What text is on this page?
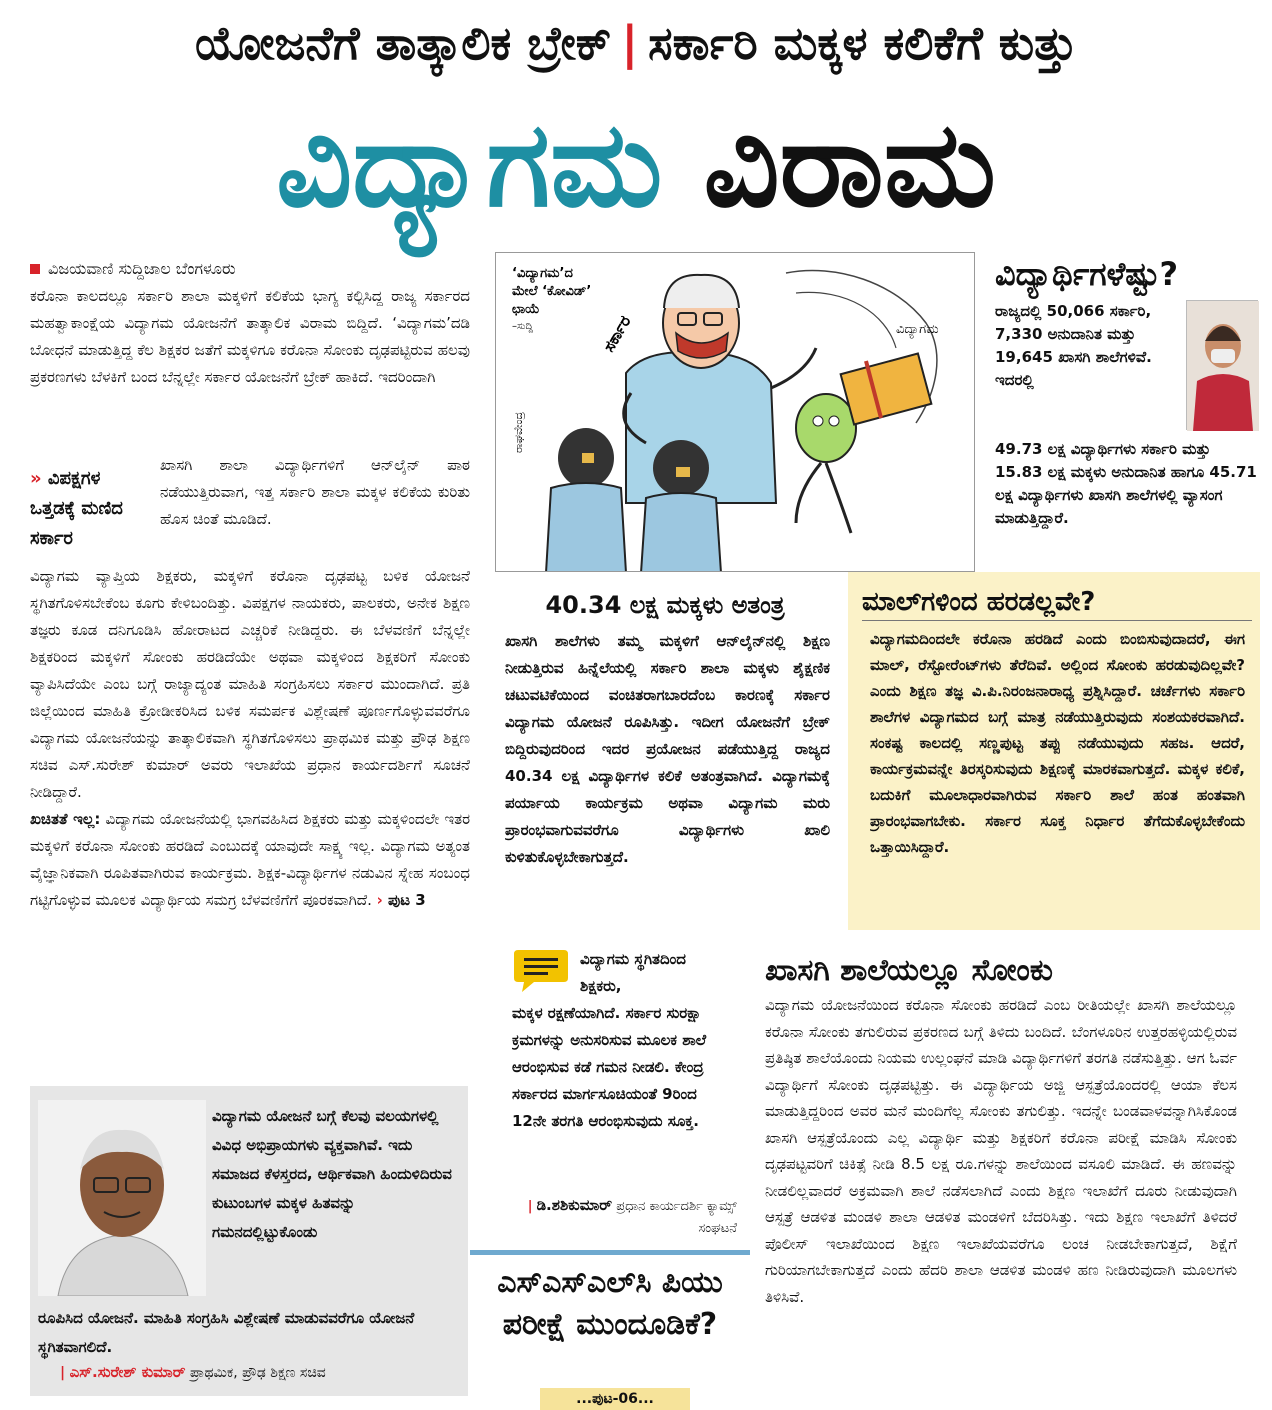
ಯೋಜನೆಗೆ ತಾತ್ಕಾಲಿಕ ಬ್ರೇಕ್ | ಸರ್ಕಾರಿ ಮಕ್ಕಳ ಕಲಿಕೆಗೆ ಕುತ್ತು
ವಿದ್ಯಾಗಮ ವಿರಾಮ
ವಿಜಯವಾಣಿ ಸುದ್ದಿಜಾಲ ಬೆಂಗಳೂರು
ಕರೊನಾ ಕಾಲದಲ್ಲೂ ಸರ್ಕಾರಿ ಶಾಲಾ ಮಕ್ಕಳಿಗೆ ಕಲಿಕೆಯ ಭಾಗ್ಯ ಕಲ್ಪಿಸಿದ್ದ ರಾಜ್ಯ ಸರ್ಕಾರದ ಮಹತ್ವಾಕಾಂಕ್ಷೆಯ ವಿದ್ಯಾಗಮ ಯೋಜನೆಗೆ ತಾತ್ಕಾಲಿಕ ವಿರಾಮ ಬಿದ್ದಿದೆ. ‘ವಿದ್ಯಾಗಮ’ದಡಿ ಬೋಧನೆ ಮಾಡುತ್ತಿದ್ದ ಕೆಲ ಶಿಕ್ಷಕರ ಜತೆಗೆ ಮಕ್ಕಳಿಗೂ ಕರೊನಾ ಸೋಂಕು ದೃಢಪಟ್ಟಿರುವ ಹಲವು ಪ್ರಕರಣಗಳು ಬೆಳಕಿಗೆ ಬಂದ ಬೆನ್ನಲ್ಲೇ ಸರ್ಕಾರ ಯೋಜನೆಗೆ ಬ್ರೇಕ್ ಹಾಕಿದೆ. ಇದರಿಂದಾಗಿ
» ವಿಪಕ್ಷಗಳ ಒತ್ತಡಕ್ಕೆ ಮಣಿದ ಸರ್ಕಾರ
ಖಾಸಗಿ ಶಾಲಾ ವಿದ್ಯಾರ್ಥಿಗಳಿಗೆ ಆನ್‌ಲೈನ್ ಪಾಠ ನಡೆಯುತ್ತಿರುವಾಗ, ಇತ್ತ ಸರ್ಕಾರಿ ಶಾಲಾ ಮಕ್ಕಳ ಕಲಿಕೆಯ ಕುರಿತು ಹೊಸ ಚಿಂತೆ ಮೂಡಿದೆ.
ವಿದ್ಯಾಗಮ ವ್ಯಾಪ್ತಿಯ ಶಿಕ್ಷಕರು, ಮಕ್ಕಳಿಗೆ ಕರೊನಾ ದೃಢಪಟ್ಟ ಬಳಿಕ ಯೋಜನೆ ಸ್ಥಗಿತಗೊಳಿಸಬೇಕೆಂಬ ಕೂಗು ಕೇಳಿಬಂದಿತ್ತು. ವಿಪಕ್ಷಗಳ ನಾಯಕರು, ಪಾಲಕರು, ಅನೇಕ ಶಿಕ್ಷಣ ತಜ್ಞರು ಕೂಡ ದನಿಗೂಡಿಸಿ ಹೋರಾಟದ ಎಚ್ಚರಿಕೆ ನೀಡಿದ್ದರು. ಈ ಬೆಳವಣಿಗೆ ಬೆನ್ನಲ್ಲೇ ಶಿಕ್ಷಕರಿಂದ ಮಕ್ಕಳಿಗೆ ಸೋಂಕು ಹರಡಿದೆಯೇ ಅಥವಾ ಮಕ್ಕಳಿಂದ ಶಿಕ್ಷಕರಿಗೆ ಸೋಂಕು ವ್ಯಾಪಿಸಿದೆಯೇ ಎಂಬ ಬಗ್ಗೆ ರಾಜ್ಯಾದ್ಯಂತ ಮಾಹಿತಿ ಸಂಗ್ರಹಿಸಲು ಸರ್ಕಾರ ಮುಂದಾಗಿದೆ. ಪ್ರತಿ ಜಿಲ್ಲೆಯಿಂದ ಮಾಹಿತಿ ಕ್ರೋಡೀಕರಿಸಿದ ಬಳಿಕ ಸಮರ್ಪಕ ವಿಶ್ಲೇಷಣೆ ಪೂರ್ಣಗೊಳ್ಳುವವರೆಗೂ ವಿದ್ಯಾಗಮ ಯೋಜನೆಯನ್ನು ತಾತ್ಕಾಲಿಕವಾಗಿ ಸ್ಥಗಿತಗೊಳಿಸಲು ಪ್ರಾಥಮಿಕ ಮತ್ತು ಪ್ರೌಢ ಶಿಕ್ಷಣ ಸಚಿವ ಎಸ್.ಸುರೇಶ್ ಕುಮಾರ್ ಅವರು ಇಲಾಖೆಯ ಪ್ರಧಾನ ಕಾರ್ಯದರ್ಶಿಗೆ ಸೂಚನೆ ನೀಡಿದ್ದಾರೆ.
ಖಚಿತತೆ ಇಲ್ಲ: ವಿದ್ಯಾಗಮ ಯೋಜನೆಯಲ್ಲಿ ಭಾಗವಹಿಸಿದ ಶಿಕ್ಷಕರು ಮತ್ತು ಮಕ್ಕಳಿಂದಲೇ ಇತರ ಮಕ್ಕಳಿಗೆ ಕರೊನಾ ಸೋಂಕು ಹರಡಿದೆ ಎಂಬುದಕ್ಕೆ ಯಾವುದೇ ಸಾಕ್ಷ್ಯ ಇಲ್ಲ. ವಿದ್ಯಾಗಮ ಅತ್ಯಂತ ವೈಜ್ಞಾನಿಕವಾಗಿ ರೂಪಿತವಾಗಿರುವ ಕಾರ್ಯಕ್ರಮ. ಶಿಕ್ಷಕ-ವಿದ್ಯಾರ್ಥಿಗಳ ನಡುವಿನ ಸ್ನೇಹ ಸಂಬಂಧ ಗಟ್ಟಿಗೊಳ್ಳುವ ಮೂಲಕ ವಿದ್ಯಾರ್ಥಿಯ ಸಮಗ್ರ ಬೆಳವಣಿಗೆಗೆ ಪೂರಕವಾಗಿದೆ. › ಪುಟ 3
‘ವಿದ್ಯಾಗಮ’ದ
ಮೇಲೆ ‘ಕೋವಿಡ್’
ಛಾಯೆ
–ಸುದ್ದಿ	ಸರ್ಕಾರ	ವಿದ್ಯಾಗಮ
ರಾಘವೇಂದ್ರ
ವಿದ್ಯಾರ್ಥಿಗಳೆಷ್ಟು?
ರಾಜ್ಯದಲ್ಲಿ 50,066 ಸರ್ಕಾರಿ, 7,330 ಅನುದಾನಿತ ಮತ್ತು 19,645 ಖಾಸಗಿ ಶಾಲೆಗಳಿವೆ. ಇದರಲ್ಲಿ
49.73 ಲಕ್ಷ ವಿದ್ಯಾರ್ಥಿಗಳು ಸರ್ಕಾರಿ ಮತ್ತು 15.83 ಲಕ್ಷ ಮಕ್ಕಳು ಅನುದಾನಿತ ಹಾಗೂ 45.71 ಲಕ್ಷ ವಿದ್ಯಾರ್ಥಿಗಳು ಖಾಸಗಿ ಶಾಲೆಗಳಲ್ಲಿ ವ್ಯಾಸಂಗ ಮಾಡುತ್ತಿದ್ದಾರೆ.
40.34 ಲಕ್ಷ ಮಕ್ಕಳು ಅತಂತ್ರ
ಖಾಸಗಿ ಶಾಲೆಗಳು ತಮ್ಮ ಮಕ್ಕಳಿಗೆ ಆನ್‌ಲೈನ್‌ನಲ್ಲಿ ಶಿಕ್ಷಣ ನೀಡುತ್ತಿರುವ ಹಿನ್ನೆಲೆಯಲ್ಲಿ ಸರ್ಕಾರಿ ಶಾಲಾ ಮಕ್ಕಳು ಶೈಕ್ಷಣಿಕ ಚಟುವಟಿಕೆಯಿಂದ ವಂಚಿತರಾಗಬಾರದೆಂಬ ಕಾರಣಕ್ಕೆ ಸರ್ಕಾರ ವಿದ್ಯಾಗಮ ಯೋಜನೆ ರೂಪಿಸಿತ್ತು. ಇದೀಗ ಯೋಜನೆಗೆ ಬ್ರೇಕ್ ಬಿದ್ದಿರುವುದರಿಂದ ಇದರ ಪ್ರಯೋಜನ ಪಡೆಯುತ್ತಿದ್ದ ರಾಜ್ಯದ 40.34 ಲಕ್ಷ ವಿದ್ಯಾರ್ಥಿಗಳ ಕಲಿಕೆ ಅತಂತ್ರವಾಗಿದೆ. ವಿದ್ಯಾಗಮಕ್ಕೆ ಪರ್ಯಾಯ ಕಾರ್ಯಕ್ರಮ ಅಥವಾ ವಿದ್ಯಾಗಮ ಮರು ಪ್ರಾರಂಭವಾಗುವವರೆಗೂ ವಿದ್ಯಾರ್ಥಿಗಳು ಖಾಲಿ ಕುಳಿತುಕೊಳ್ಳಬೇಕಾಗುತ್ತದೆ.
ಮಾಲ್‌ಗಳಿಂದ ಹರಡಲ್ಲವೇ?
ವಿದ್ಯಾಗಮದಿಂದಲೇ ಕರೊನಾ ಹರಡಿದೆ ಎಂದು ಬಿಂಬಿಸುವುದಾದರೆ, ಈಗ ಮಾಲ್, ರೆಸ್ಟೋರೆಂಟ್‌ಗಳು ತೆರೆದಿವೆ. ಅಲ್ಲಿಂದ ಸೋಂಕು ಹರಡುವುದಿಲ್ಲವೇ? ಎಂದು ಶಿಕ್ಷಣ ತಜ್ಞ ವಿ.ಪಿ.ನಿರಂಜನಾರಾಧ್ಯ ಪ್ರಶ್ನಿಸಿದ್ದಾರೆ. ಚರ್ಚೆಗಳು ಸರ್ಕಾರಿ ಶಾಲೆಗಳ ವಿದ್ಯಾಗಮದ ಬಗ್ಗೆ ಮಾತ್ರ ನಡೆಯುತ್ತಿರುವುದು ಸಂಶಯಕರವಾಗಿದೆ. ಸಂಕಷ್ಟ ಕಾಲದಲ್ಲಿ ಸಣ್ಣಪುಟ್ಟ ತಪ್ಪು ನಡೆಯುವುದು ಸಹಜ. ಆದರೆ, ಕಾರ್ಯಕ್ರಮವನ್ನೇ ತಿರಸ್ಕರಿಸುವುದು ಶಿಕ್ಷಣಕ್ಕೆ ಮಾರಕವಾಗುತ್ತದೆ. ಮಕ್ಕಳ ಕಲಿಕೆ, ಬದುಕಿಗೆ ಮೂಲಾಧಾರವಾಗಿರುವ ಸರ್ಕಾರಿ ಶಾಲೆ ಹಂತ ಹಂತವಾಗಿ ಪ್ರಾರಂಭವಾಗಬೇಕು. ಸರ್ಕಾರ ಸೂಕ್ತ ನಿರ್ಧಾರ ತೆಗೆದುಕೊಳ್ಳಬೇಕೆಂದು ಒತ್ತಾಯಿಸಿದ್ದಾರೆ.
ಖಾಸಗಿ ಶಾಲೆಯಲ್ಲೂ ಸೋಂಕು
ವಿದ್ಯಾಗಮ ಯೋಜನೆಯಿಂದ ಕರೊನಾ ಸೋಂಕು ಹರಡಿದೆ ಎಂಬ ರೀತಿಯಲ್ಲೇ ಖಾಸಗಿ ಶಾಲೆಯಲ್ಲೂ ಕರೊನಾ ಸೋಂಕು ತಗುಲಿರುವ ಪ್ರಕರಣದ ಬಗ್ಗೆ ತಿಳಿದು ಬಂದಿದೆ. ಬೆಂಗಳೂರಿನ ಉತ್ತರಹಳ್ಳಿಯಲ್ಲಿರುವ ಪ್ರತಿಷ್ಠಿತ ಶಾಲೆಯೊಂದು ನಿಯಮ ಉಲ್ಲಂಘನೆ ಮಾಡಿ ವಿದ್ಯಾರ್ಥಿಗಳಿಗೆ ತರಗತಿ ನಡೆಸುತ್ತಿತ್ತು. ಆಗ ಓರ್ವ ವಿದ್ಯಾರ್ಥಿಗೆ ಸೋಂಕು ದೃಢಪಟ್ಟಿತ್ತು. ಈ ವಿದ್ಯಾರ್ಥಿಯ ಅಜ್ಜಿ ಆಸ್ಪತ್ರೆಯೊಂದರಲ್ಲಿ ಆಯಾ ಕೆಲಸ ಮಾಡುತ್ತಿದ್ದರಿಂದ ಅವರ ಮನೆ ಮಂದಿಗೆಲ್ಲ ಸೋಂಕು ತಗುಲಿತ್ತು. ಇದನ್ನೇ ಬಂಡವಾಳವನ್ನಾಗಿಸಿಕೊಂಡ ಖಾಸಗಿ ಆಸ್ಪತ್ರೆಯೊಂದು ಎಲ್ಲ ವಿದ್ಯಾರ್ಥಿ ಮತ್ತು ಶಿಕ್ಷಕರಿಗೆ ಕರೊನಾ ಪರೀಕ್ಷೆ ಮಾಡಿಸಿ ಸೋಂಕು ದೃಢಪಟ್ಟವರಿಗೆ ಚಿಕಿತ್ಸೆ ನೀಡಿ 8.5 ಲಕ್ಷ ರೂ.ಗಳನ್ನು ಶಾಲೆಯಿಂದ ವಸೂಲಿ ಮಾಡಿದೆ. ಈ ಹಣವನ್ನು ನೀಡಲಿಲ್ಲವಾದರೆ ಅಕ್ರಮವಾಗಿ ಶಾಲೆ ನಡೆಸಲಾಗಿದೆ ಎಂದು ಶಿಕ್ಷಣ ಇಲಾಖೆಗೆ ದೂರು ನೀಡುವುದಾಗಿ ಆಸ್ಪತ್ರೆ ಆಡಳಿತ ಮಂಡಳಿ ಶಾಲಾ ಆಡಳಿತ ಮಂಡಳಿಗೆ ಬೆದರಿಸಿತ್ತು. ಇದು ಶಿಕ್ಷಣ ಇಲಾಖೆಗೆ ತಿಳಿದರೆ ಪೊಲೀಸ್ ಇಲಾಖೆಯಿಂದ ಶಿಕ್ಷಣ ಇಲಾಖೆಯವರೆಗೂ ಲಂಚ ನೀಡಬೇಕಾಗುತ್ತದೆ, ಶಿಕ್ಷೆಗೆ ಗುರಿಯಾಗಬೇಕಾಗುತ್ತದೆ ಎಂದು ಹೆದರಿ ಶಾಲಾ ಆಡಳಿತ ಮಂಡಳಿ ಹಣ ನೀಡಿರುವುದಾಗಿ ಮೂಲಗಳು ತಿಳಿಸಿವೆ.
ವಿದ್ಯಾಗಮ ಸ್ಥಗಿತದಿಂದ ಶಿಕ್ಷಕರು,
ಮಕ್ಕಳ ರಕ್ಷಣೆಯಾಗಿದೆ. ಸರ್ಕಾರ ಸುರಕ್ಷಾ ಕ್ರಮಗಳನ್ನು ಅನುಸರಿಸುವ ಮೂಲಕ ಶಾಲೆ ಆರಂಭಿಸುವ ಕಡೆ ಗಮನ ನೀಡಲಿ. ಕೇಂದ್ರ ಸರ್ಕಾರದ ಮಾರ್ಗಸೂಚಿಯಂತೆ 9ರಿಂದ 12ನೇ ತರಗತಿ ಆರಂಭಿಸುವುದು ಸೂಕ್ತ.
| ಡಿ.ಶಶಿಕುಮಾರ್ ಪ್ರಧಾನ ಕಾರ್ಯದರ್ಶಿ ಕ್ಯಾಮ್ಸ್ ಸಂಘಟನೆ
ಎಸ್‌ಎಸ್‌ಎಲ್‌ಸಿ ಪಿಯು ಪರೀಕ್ಷೆ ಮುಂದೂಡಿಕೆ?
...ಪುಟ-06...
ವಿದ್ಯಾಗಮ ಯೋಜನೆ ಬಗ್ಗೆ ಕೆಲವು ವಲಯಗಳಲ್ಲಿ ವಿವಿಧ ಅಭಿಪ್ರಾಯಗಳು ವ್ಯಕ್ತವಾಗಿವೆ. ಇದು ಸಮಾಜದ ಕೆಳಸ್ತರದ, ಆರ್ಥಿಕವಾಗಿ ಹಿಂದುಳಿದಿರುವ ಕುಟುಂಬಗಳ ಮಕ್ಕಳ ಹಿತವನ್ನು ಗಮನದಲ್ಲಿಟ್ಟುಕೊಂಡು
ರೂಪಿಸಿದ ಯೋಜನೆ. ಮಾಹಿತಿ ಸಂಗ್ರಹಿಸಿ ವಿಶ್ಲೇಷಣೆ ಮಾಡುವವರೆಗೂ ಯೋಜನೆ ಸ್ಥಗಿತವಾಗಲಿದೆ.
| ಎಸ್.ಸುರೇಶ್ ಕುಮಾರ್ ಪ್ರಾಥಮಿಕ, ಪ್ರೌಢ ಶಿಕ್ಷಣ ಸಚಿವ
